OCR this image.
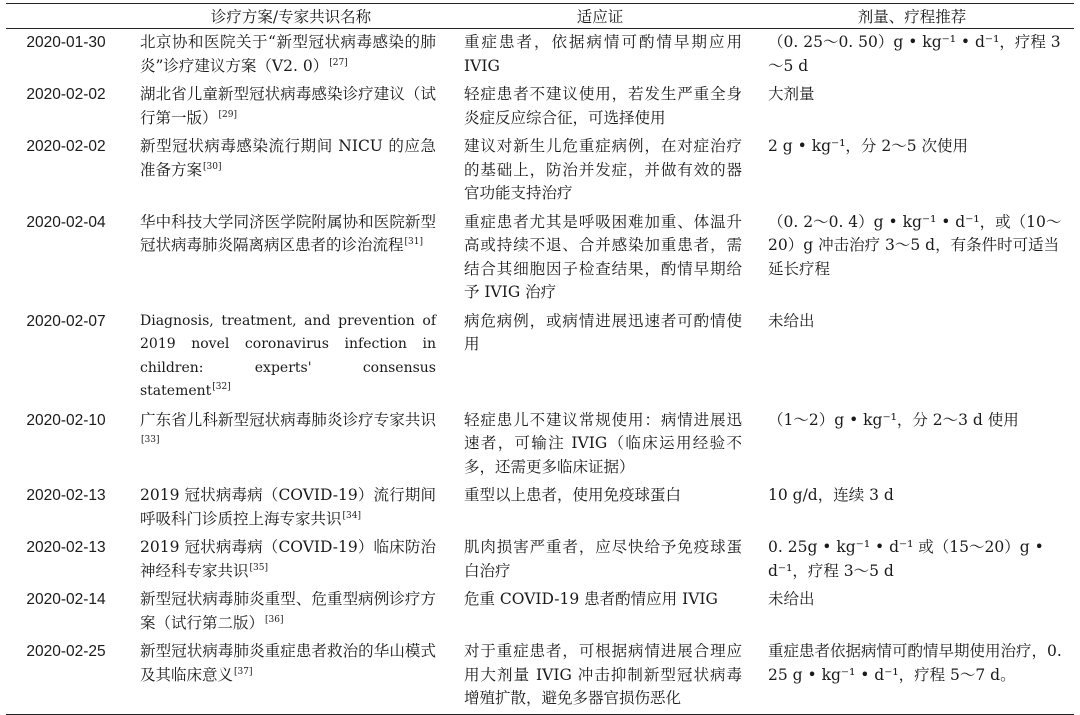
	诊疗方案/专家共识名称	适应证	剂量、疗程推荐
2020-01-30	北京协和医院关于“新型冠状病毒感染的肺炎”诊疗建议方案（V2. 0）[27]	重症患者，依据病情可酌情早期应用IVIG	（0. 25～0. 50）g • kg⁻¹ • d⁻¹，疗程 3～5 d
2020-02-02	湖北省儿童新型冠状病毒感染诊疗建议（试行第一版）[29]	轻症患者不建议使用，若发生严重全身炎症反应综合征，可选择使用	大剂量
2020-02-02	新型冠状病毒感染流行期间 NICU 的应急准备方案[30]	建议对新生儿危重症病例，在对症治疗的基础上，防治并发症，并做有效的器官功能支持治疗	2 g • kg⁻¹，分 2～5 次使用
2020-02-04	华中科技大学同济医学院附属协和医院新型冠状病毒肺炎隔离病区患者的诊治流程[31]	重症患者尤其是呼吸困难加重、体温升高或持续不退、合并感染加重患者，需结合其细胞因子检查结果，酌情早期给予 IVIG 治疗	（0. 2～0. 4）g • kg⁻¹ • d⁻¹，或（10～20）g 冲击治疗 3～5 d，有条件时可适当延长疗程
2020-02-07	Diagnosis, treatment, and prevention of 2019 novel coronavirus infection in children: experts' consensus statement[32]	病危病例，或病情进展迅速者可酌情使用	未给出
2020-02-10	广东省儿科新型冠状病毒肺炎诊疗专家共识[33]	轻症患儿不建议常规使用：病情进展迅速者，可输注 IVIG（临床运用经验不多，还需更多临床证据）	（1～2）g • kg⁻¹，分 2～3 d 使用
2020-02-13	2019 冠状病毒病（COVID-19）流行期间呼吸科门诊质控上海专家共识[34]	重型以上患者，使用免疫球蛋白	10 g/d，连续 3 d
2020-02-13	2019 冠状病毒病（COVID-19）临床防治神经科专家共识[35]	肌肉损害严重者，应尽快给予免疫球蛋白治疗	0. 25g • kg⁻¹ • d⁻¹ 或（15～20）g • d⁻¹，疗程 3～5 d
2020-02-14	新型冠状病毒肺炎重型、危重型病例诊疗方案（试行第二版）[36]	危重 COVID-19 患者酌情应用 IVIG	未给出
2020-02-25	新型冠状病毒肺炎重症患者救治的华山模式及其临床意义[37]	对于重症患者，可根据病情进展合理应用大剂量 IVIG 冲击抑制新型冠状病毒增殖扩散，避免多器官损伤恶化	重症患者依据病情可酌情早期使用治疗，0. 25 g • kg⁻¹ • d⁻¹，疗程 5～7 d。
